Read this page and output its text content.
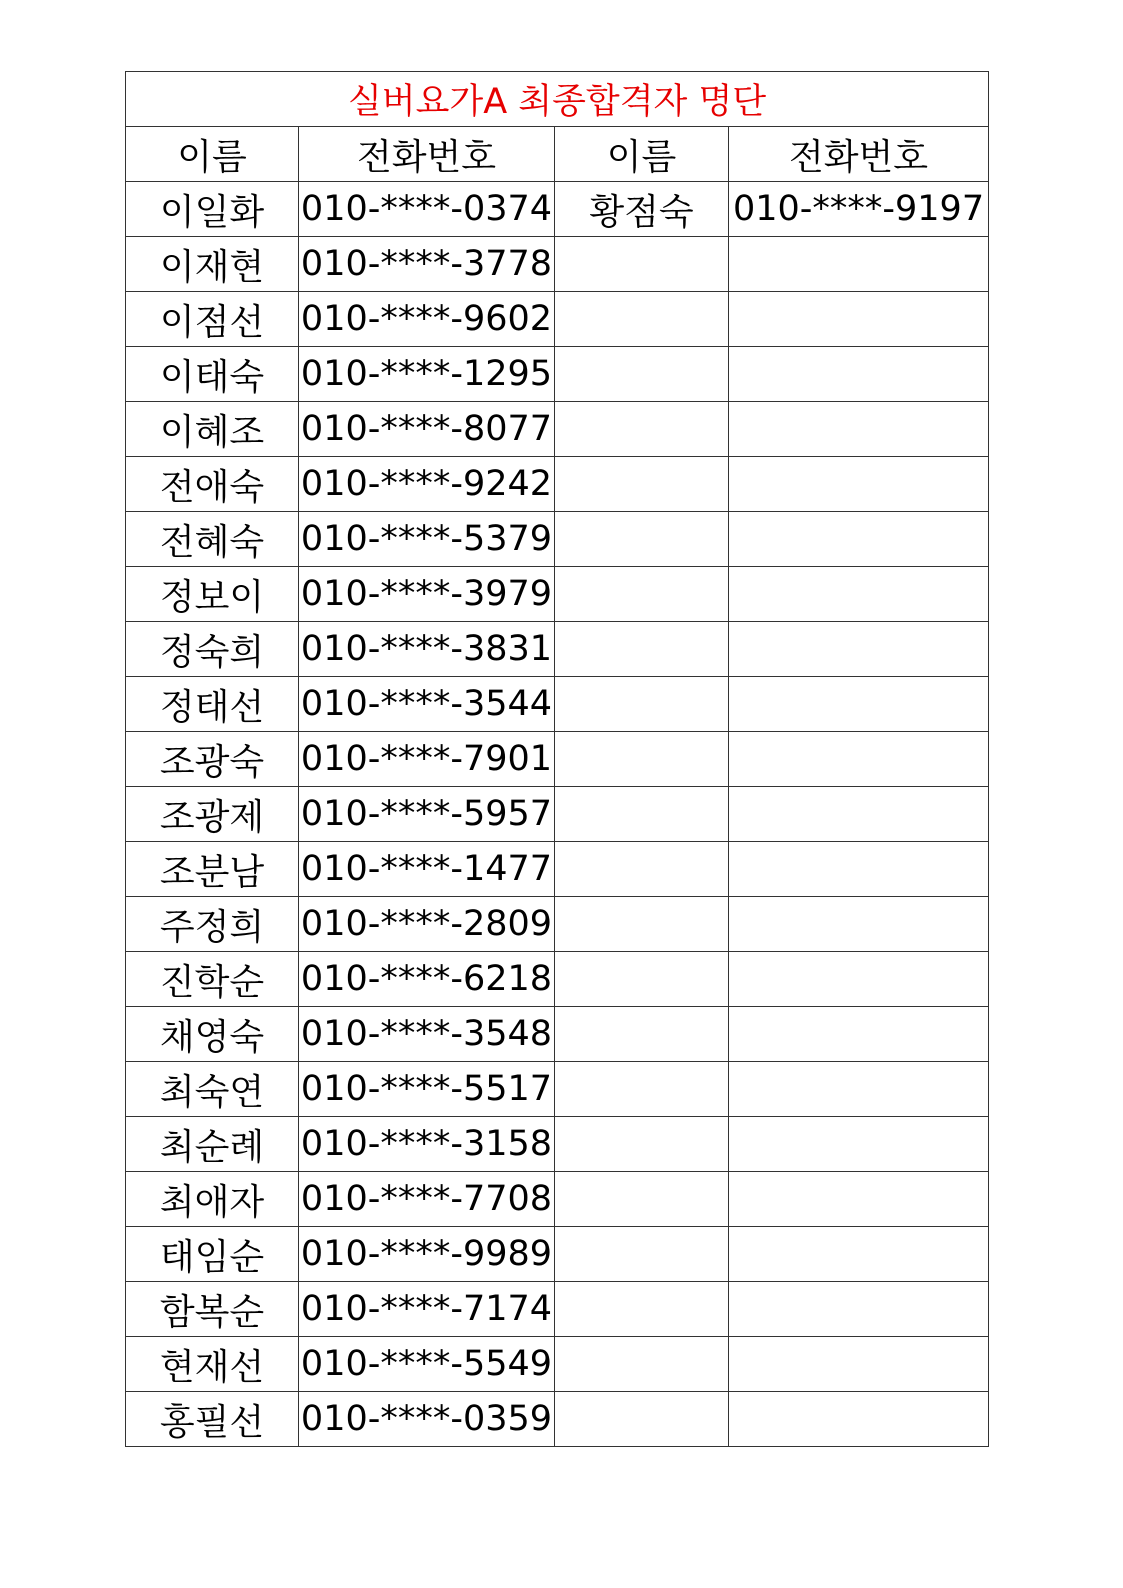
실버요가A 최종합격자 명단			
이름	전화번호	이름	전화번호
이일화	010-****-0374	황점숙	010-****-9197
이재현	010-****-3778		
이점선	010-****-9602		
이태숙	010-****-1295		
이혜조	010-****-8077		
전애숙	010-****-9242		
전혜숙	010-****-5379		
정보이	010-****-3979		
정숙희	010-****-3831		
정태선	010-****-3544		
조광숙	010-****-7901		
조광제	010-****-5957		
조분남	010-****-1477		
주정희	010-****-2809		
진학순	010-****-6218		
채영숙	010-****-3548		
최숙연	010-****-5517		
최순례	010-****-3158		
최애자	010-****-7708		
태임순	010-****-9989		
함복순	010-****-7174		
현재선	010-****-5549		
홍필선	010-****-0359		
